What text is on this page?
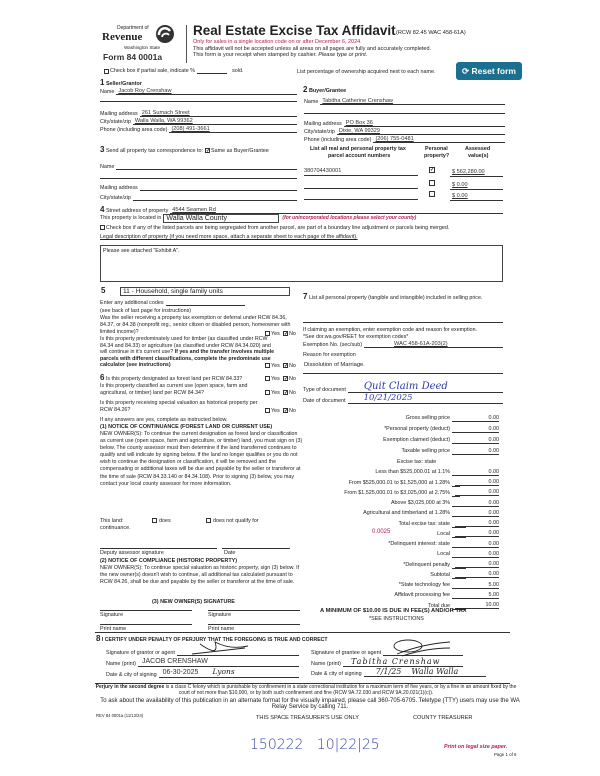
Department of
Revenue
Washington State
Form 84 0001a
Real Estate Excise Tax Affidavit (RCW 82.45 WAC 458-61A)
Only for sales in a single location code on or after December 6, 2024.
This affidavit will not be accepted unless all areas on all pages are fully and accurately completed.
This form is your receipt when stamped by cashier. Please type or print.
⟳ Reset form
Check box if partial sale, indicate %	sold.	List percentage of ownership acquired next to each name.
1 Seller/Grantor
Name Jacob Roy Crenshaw
Mailing address 261 Sumach Street
City/state/zip Walla Walla, WA 99362
Phone (including area code) (208) 491-3661
2 Buyer/Grantee
Name Tabitha Catherine Crenshaw
Mailing address PO Box 36
City/state/zip Dixie, WA 99329
Phone (including area code) (206) 755-0481
3 Send all property tax correspondence to: ✓Same as Buyer/Grantee
Name
Mailing address
City/state/zip
List all real and personal property tax
parcel account numbers
Personal
property?
Assessed
value(s)
380704430001	✓	$ 562,280.00
$ 0.00
$ 0.00
4 Street address of property 4544 Seamen Rd
This property is located in Walla Walla County	(for unincorporated locations please select your county)
Check box if any of the listed parcels are being segregated from another parcel, are part of a boundary line adjustment or parcels being merged.
Legal description of property (if you need more space, attach a separate sheet to each page of the affidavit).
Please see attached "Exhibit A".
5	11 - Household, single family units
Enter any additional codes
(see back of last page for instructions)
Was the seller receiving a property tax exemption or deferral under RCW 84.36, 84.37, or 84.38 (nonprofit org., senior citizen or disabled person, homeowner with limited income)?
Is this property predominately used for timber (as classified under RCW 84.34 and 84.33) or agriculture (as classified under RCW 84.34.020) and will continue in it's current use? If yes and the transfer involves multiple parcels with different classifications, complete the predominate use calculator (see instructions)
6 Is this property designated as forest land per RCW 84.33?
Is this property classified as current use (open space, farm and agricultural, or timber) land per RCW 84.34?
Is this property receiving special valuation as historical property per RCW 84.26?
Yes ✓ No
Yes ✓ No
Yes ✓ No
Yes ✓ No
Yes ✓ No
If any answers are yes, complete as instructed below.
(1) NOTICE OF CONTINUANCE (FOREST LAND OR CURRENT USE)
NEW OWNER(S): To continue the current designation as forest land or classification as current use (open space, farm and agriculture, or timber) land, you must sign on (3) below. The county assessor must then determine if the land transferred continues to qualify and will indicate by signing below. If the land no longer qualifies or you do not wish to continue the designation or classification, it will be removed and the compensating or additional taxes will be due and payable by the seller or transferor at the time of sale (RCW 84.33.140 or 84.34.108). Prior to signing (3) below, you may contact your local county assessor for more information.
This land:	does	does not qualify for
continuance.
Deputy assessor signature	Date
(2) NOTICE OF COMPLIANCE (HISTORIC PROPERTY)
NEW OWNER(S): To continue special valuation as historic property, sign (3) below. If the new owner(s) doesn't wish to continue, all additional tax calculated pursuant to RCW 84.26, shall be due and payable by the seller or transferor at the time of sale.
(3) NEW OWNER(S) SIGNATURE
Signature	Signature
Print name	Print name
7 List all personal property (tangible and intangible) included in selling price.
If claiming an exemption, enter exemption code and reason for exemption. *See dor.wa.gov/REET for exemption codes*
Exemption No. (sec/sub)	WAC 458-61A-203(2)
Reason for exemption
Dissolution of Marriage.
Type of document	Quit Claim Deed
Date of document	10/21/2025
Gross selling price	0.00
*Personal property (deduct)	0.00
Exemption claimed (deduct)	0.00
Taxable selling price	0.00
Excise tax: state
Less than $525,000.01 at 1.1%	0.00
From $525,000.01 to $1,525,000 at 1.28%	0.00
From $1,525,000.01 to $3,025,000 at 2.75%	0.00
Above $3,025,000 at 3%	0.00
Agricultural and timberland at 1.28%	0.00
Total excise tax: state	0.00
Local	0.00
*Delinquent interest: state	0.00
Local	0.00
*Delinquent penalty	0.00
Subtotal	0.00
*State technology fee	5.00
Affidavit processing fee	5.00
Total due	10.00
0.0025
A MINIMUM OF $10.00 IS DUE IN FEE(S) AND/OR TAX
*SEE INSTRUCTIONS
8 I CERTIFY UNDER PENALTY OF PERJURY THAT THE FOREGOING IS TRUE AND CORRECT
Signature of grantor or agent
Name (print) JACOB CRENSHAW
Date & city of signing 06-30-2025 Lyons
Signature of grantee or agent
Name (print)	Tabitha Crenshaw
Date & city of signing	7/1/25 Walla Walla
Perjury in the second degree is a class C felony which is punishable by confinement in a state correctional institution for a maximum term of five years, or by a fine in an amount fixed by the court of not more than $10,000, or by both such confinement and fine (RCW 9A.72.030 and RCW 9A.20.021(1)(c)).
To ask about the availability of this publication in an alternate format for the visually impaired, please call 360-705-6705. Teletype (TTY) users may use the WA Relay Service by calling 711.
REV 84 0001a (11/13/24)	THIS SPACE TREASURER'S USE ONLY	COUNTY TREASURER
150222   10|22|25	Print on legal size paper.
Page 1 of 6
